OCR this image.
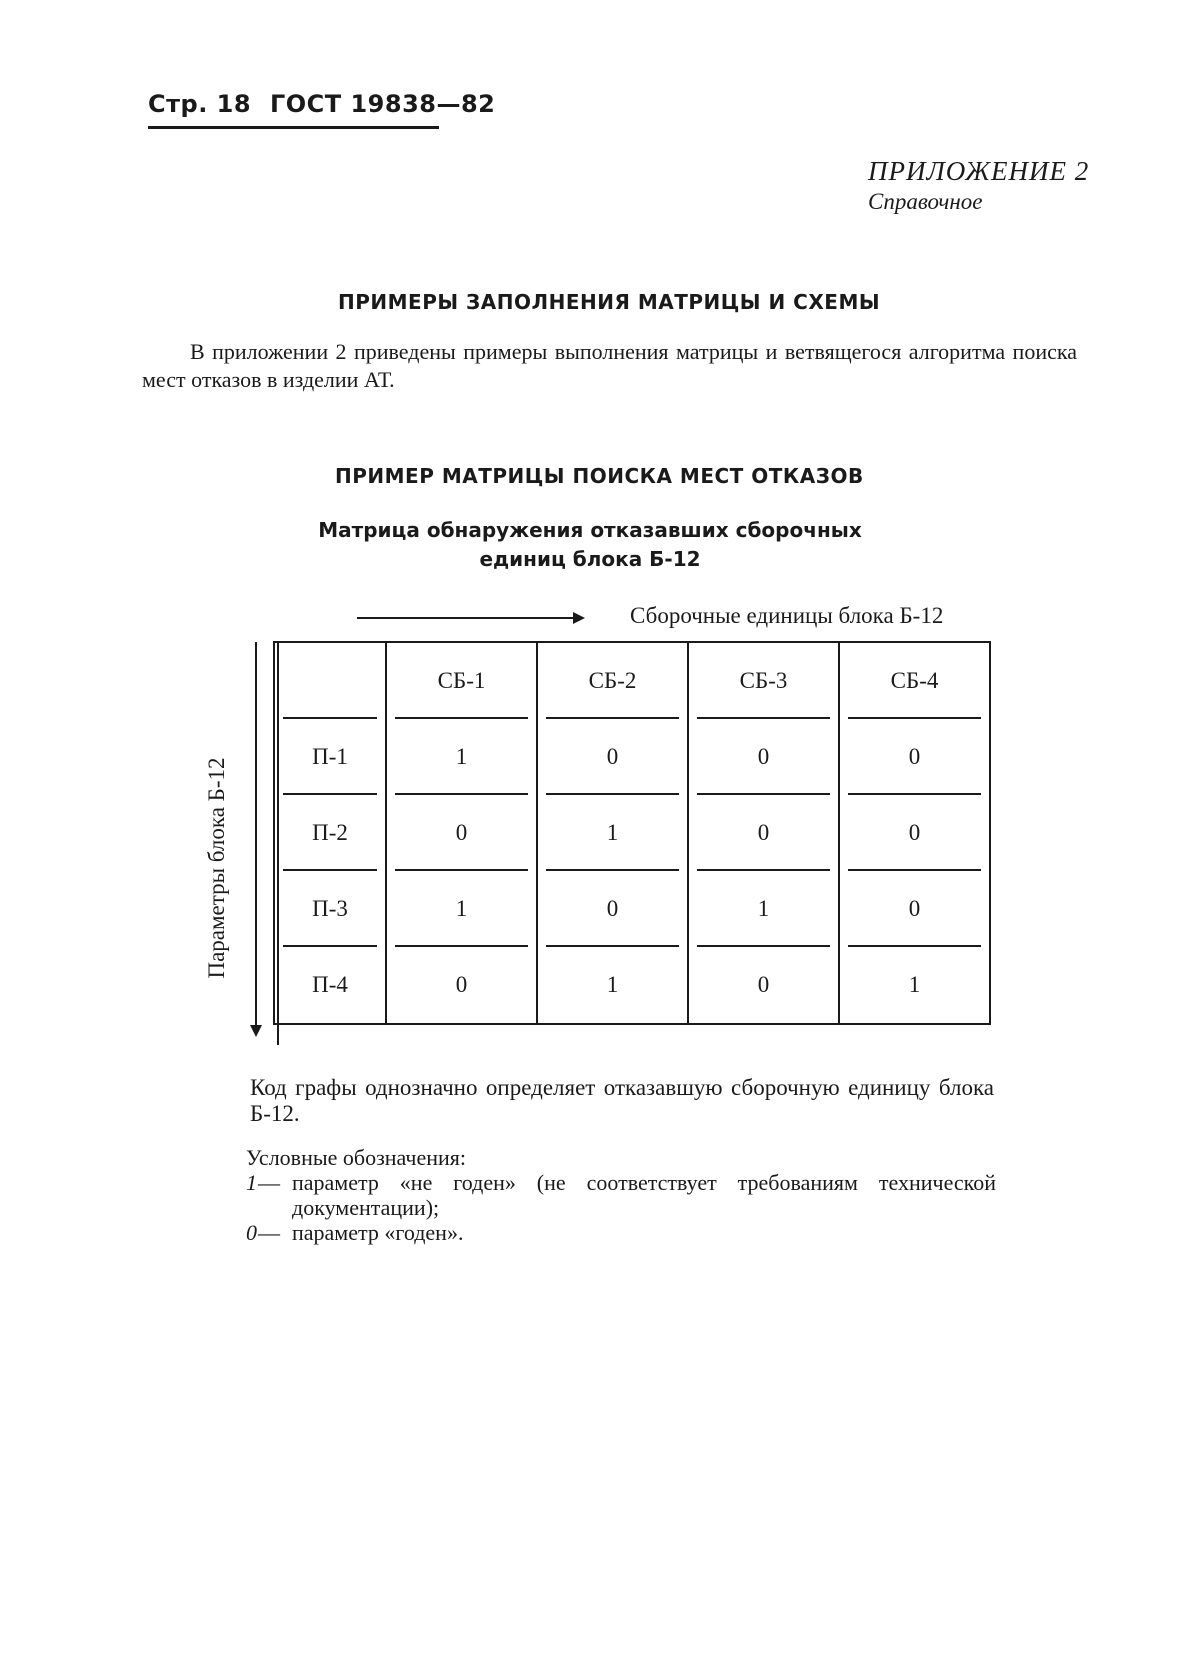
Стр. 18 ГОСТ 19838—82
ПРИЛОЖЕНИЕ 2
Справочное
ПРИМЕРЫ ЗАПОЛНЕНИЯ МАТРИЦЫ И СХЕМЫ
В приложении 2 приведены примеры выполнения матрицы и ветвящегося алгоритма поиска мест отказов в изделии АТ.
ПРИМЕР МАТРИЦЫ ПОИСКА МЕСТ ОТКАЗОВ
Матрица обнаружения отказавших сборочных
единиц блока Б-12
Сборочные единицы блока Б-12
Параметры блока Б-12
	СБ-1	СБ-2	СБ-3	СБ-4

П-1	1	0	0	0

П-2	0	1	0	0

П-3	1	0	1	0

П-4	0	1	0	1
Код графы однозначно определяет отказавшую сборочную единицу блока Б-12.
Условные обозначения:
1 — параметр «не годен» (не соответствует требованиям технической документации);
0 — параметр «годен».
